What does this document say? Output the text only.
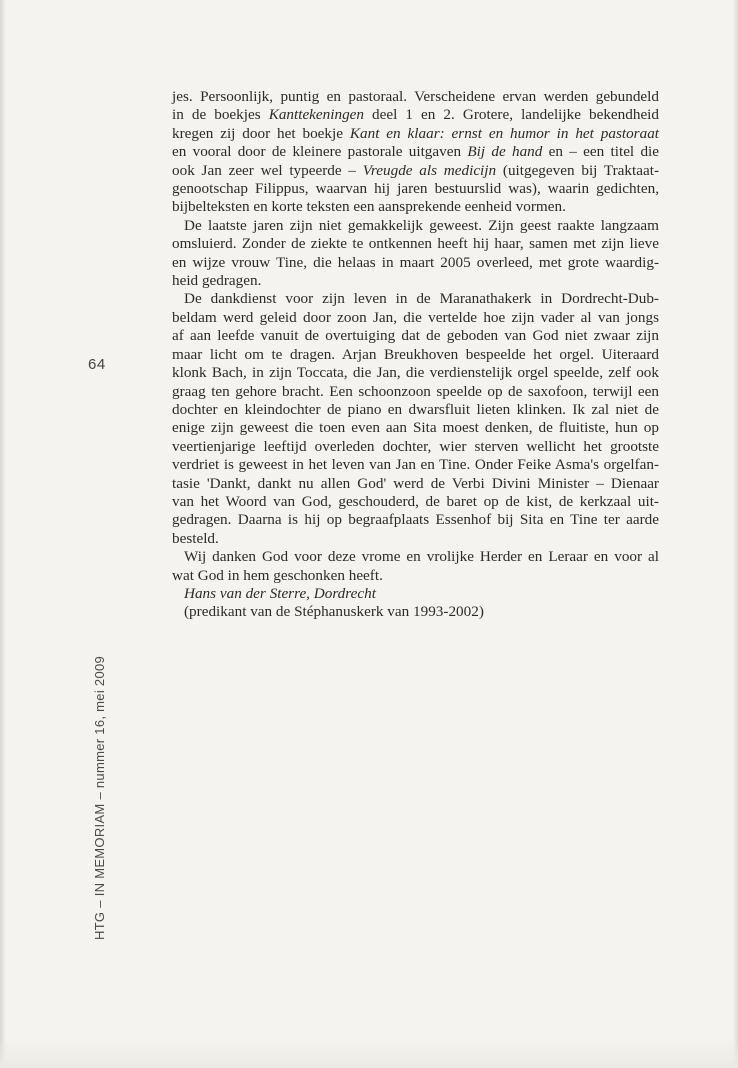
64
HTG – IN MEMORIAM – nummer 16, mei 2009
jes. Persoonlijk, puntig en pastoraal. Verscheidene ervan werden gebundeld
in de boekjes Kanttekeningen deel 1 en 2. Grotere, landelijke bekendheid
kregen zij door het boekje Kant en klaar: ernst en humor in het pastoraat
en vooral door de kleinere pastorale uitgaven Bij de hand en – een titel die
ook Jan zeer wel typeerde – Vreugde als medicijn (uitgegeven bij Traktaat-
genootschap Filippus, waarvan hij jaren bestuurslid was), waarin gedichten,
bijbelteksten en korte teksten een aansprekende eenheid vormen.
De laatste jaren zijn niet gemakkelijk geweest. Zijn geest raakte langzaam
omsluierd. Zonder de ziekte te ontkennen heeft hij haar, samen met zijn lieve
en wijze vrouw Tine, die helaas in maart 2005 overleed, met grote waardig-
heid gedragen.
De dankdienst voor zijn leven in de Maranathakerk in Dordrecht-Dub-
beldam werd geleid door zoon Jan, die vertelde hoe zijn vader al van jongs
af aan leefde vanuit de overtuiging dat de geboden van God niet zwaar zijn
maar licht om te dragen. Arjan Breukhoven bespeelde het orgel. Uiteraard
klonk Bach, in zijn Toccata, die Jan, die verdienstelijk orgel speelde, zelf ook
graag ten gehore bracht. Een schoonzoon speelde op de saxofoon, terwijl een
dochter en kleindochter de piano en dwarsfluit lieten klinken. Ik zal niet de
enige zijn geweest die toen even aan Sita moest denken, de fluitiste, hun op
veertienjarige leeftijd overleden dochter, wier sterven wellicht het grootste
verdriet is geweest in het leven van Jan en Tine. Onder Feike Asma's orgelfan-
tasie 'Dankt, dankt nu allen God' werd de Verbi Divini Minister – Dienaar
van het Woord van God, geschouderd, de baret op de kist, de kerkzaal uit-
gedragen. Daarna is hij op begraafplaats Essenhof bij Sita en Tine ter aarde
besteld.
Wij danken God voor deze vrome en vrolijke Herder en Leraar en voor al
wat God in hem geschonken heeft.
Hans van der Sterre, Dordrecht
(predikant van de Stéphanuskerk van 1993-2002)
